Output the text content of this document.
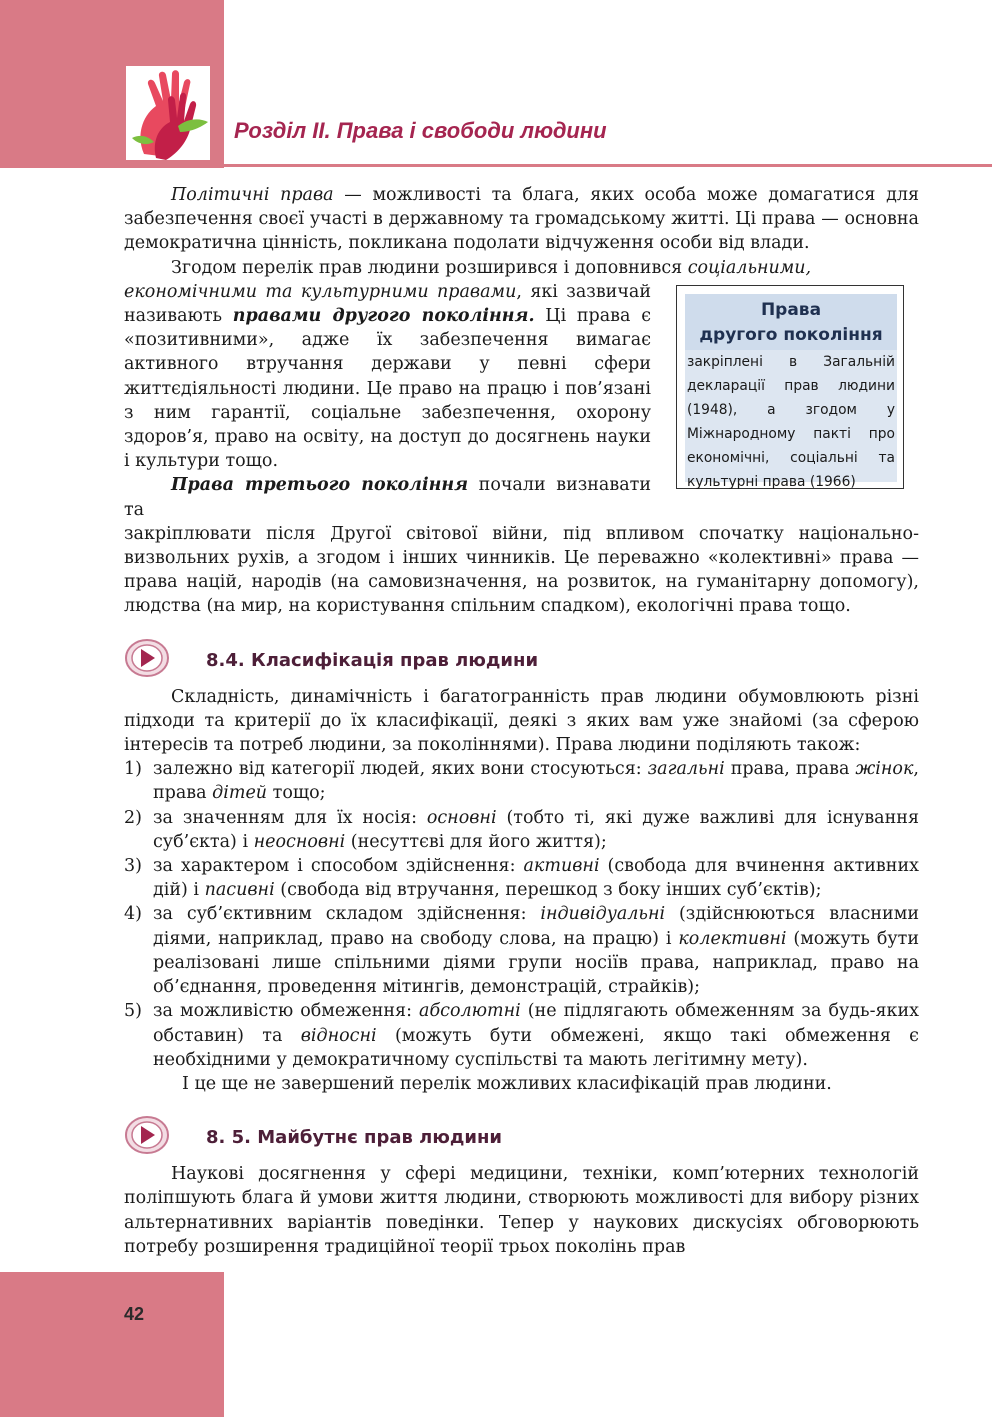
Розділ II. Права і свободи людини
Права
другого покоління
закріплені в Загальній декларації прав людини (1948), а згодом у Міжнародному пакті про економічні, соціальні та культурні права (1966)

Політичні права — можливості та блага, яких особа може домагатися для забезпечення своєї участі в державному та громадському житті. Ці права — основна демократична цінність, покликана подолати відчуження особи від влади.

Згодом перелік прав людини розширився і доповнився соціальними,

економічними та культурними правами, які зазвичай називають правами другого покоління. Ці права є «позитивними», адже їх забезпечення вимагає активного втручання держави у певні сфери життєдіяльності людини. Це право на працю і пов’язані з ним гарантії, соціальне забезпечення, охорону здоров’я, право на освіту, на доступ до досягнень науки і культури тощо.

Права третього покоління почали визнавати та

закріплювати після Другої світової війни, під впливом спочатку національно-визвольних рухів, а згодом і інших чинників. Це переважно «колективні» права — права націй, народів (на самовизначення, на розвиток, на гуманітарну допомогу), людства (на мир, на користування спільним спадком), екологічні права тощо.

8.4. Класифікація прав людини

Складність, динамічність і багатогранність прав людини обумовлюють різні підходи та критерії до їх класифікації, деякі з яких вам уже знайомі (за сферою інтересів та потреб людини, за поколіннями). Права людини поділяють також:

1) залежно від категорії людей, яких вони стосуються: загальні права, права жінок, права дітей тощо;
2) за значенням для їх носія: основні (тобто ті, які дуже важливі для існування суб’єкта) і неосновні (несуттєві для його життя);
3) за характером і способом здійснення: активні (свобода для вчинення активних дій) і пасивні (свобода від втручання, перешкод з боку інших суб’єктів);
4) за суб’єктивним складом здійснення: індивідуальні (здійснюються власними діями, наприклад, право на свободу слова, на працю) і колективні (можуть бути реалізовані лише спільними діями групи носіїв права, наприклад, право на об’єднання, проведення мітингів, демонстрацій, страйків);
5) за можливістю обмеження: абсолютні (не підлягають обмеженням за будь-яких обставин) та відносні (можуть бути обмежені, якщо такі обмеження є необхідними у демократичному суспільстві та мають легітимну мету).

І це ще не завершений перелік можливих класифікацій прав людини.

8. 5. Майбутнє прав людини

Наукові досягнення у сфері медицини, техніки, комп’ютерних технологій поліпшують блага й умови життя людини, створюють можливості для вибору різних альтернативних варіантів поведінки. Тепер у наукових дискусіях обговорюють потребу розширення традиційної теорії трьох поколінь прав

42
